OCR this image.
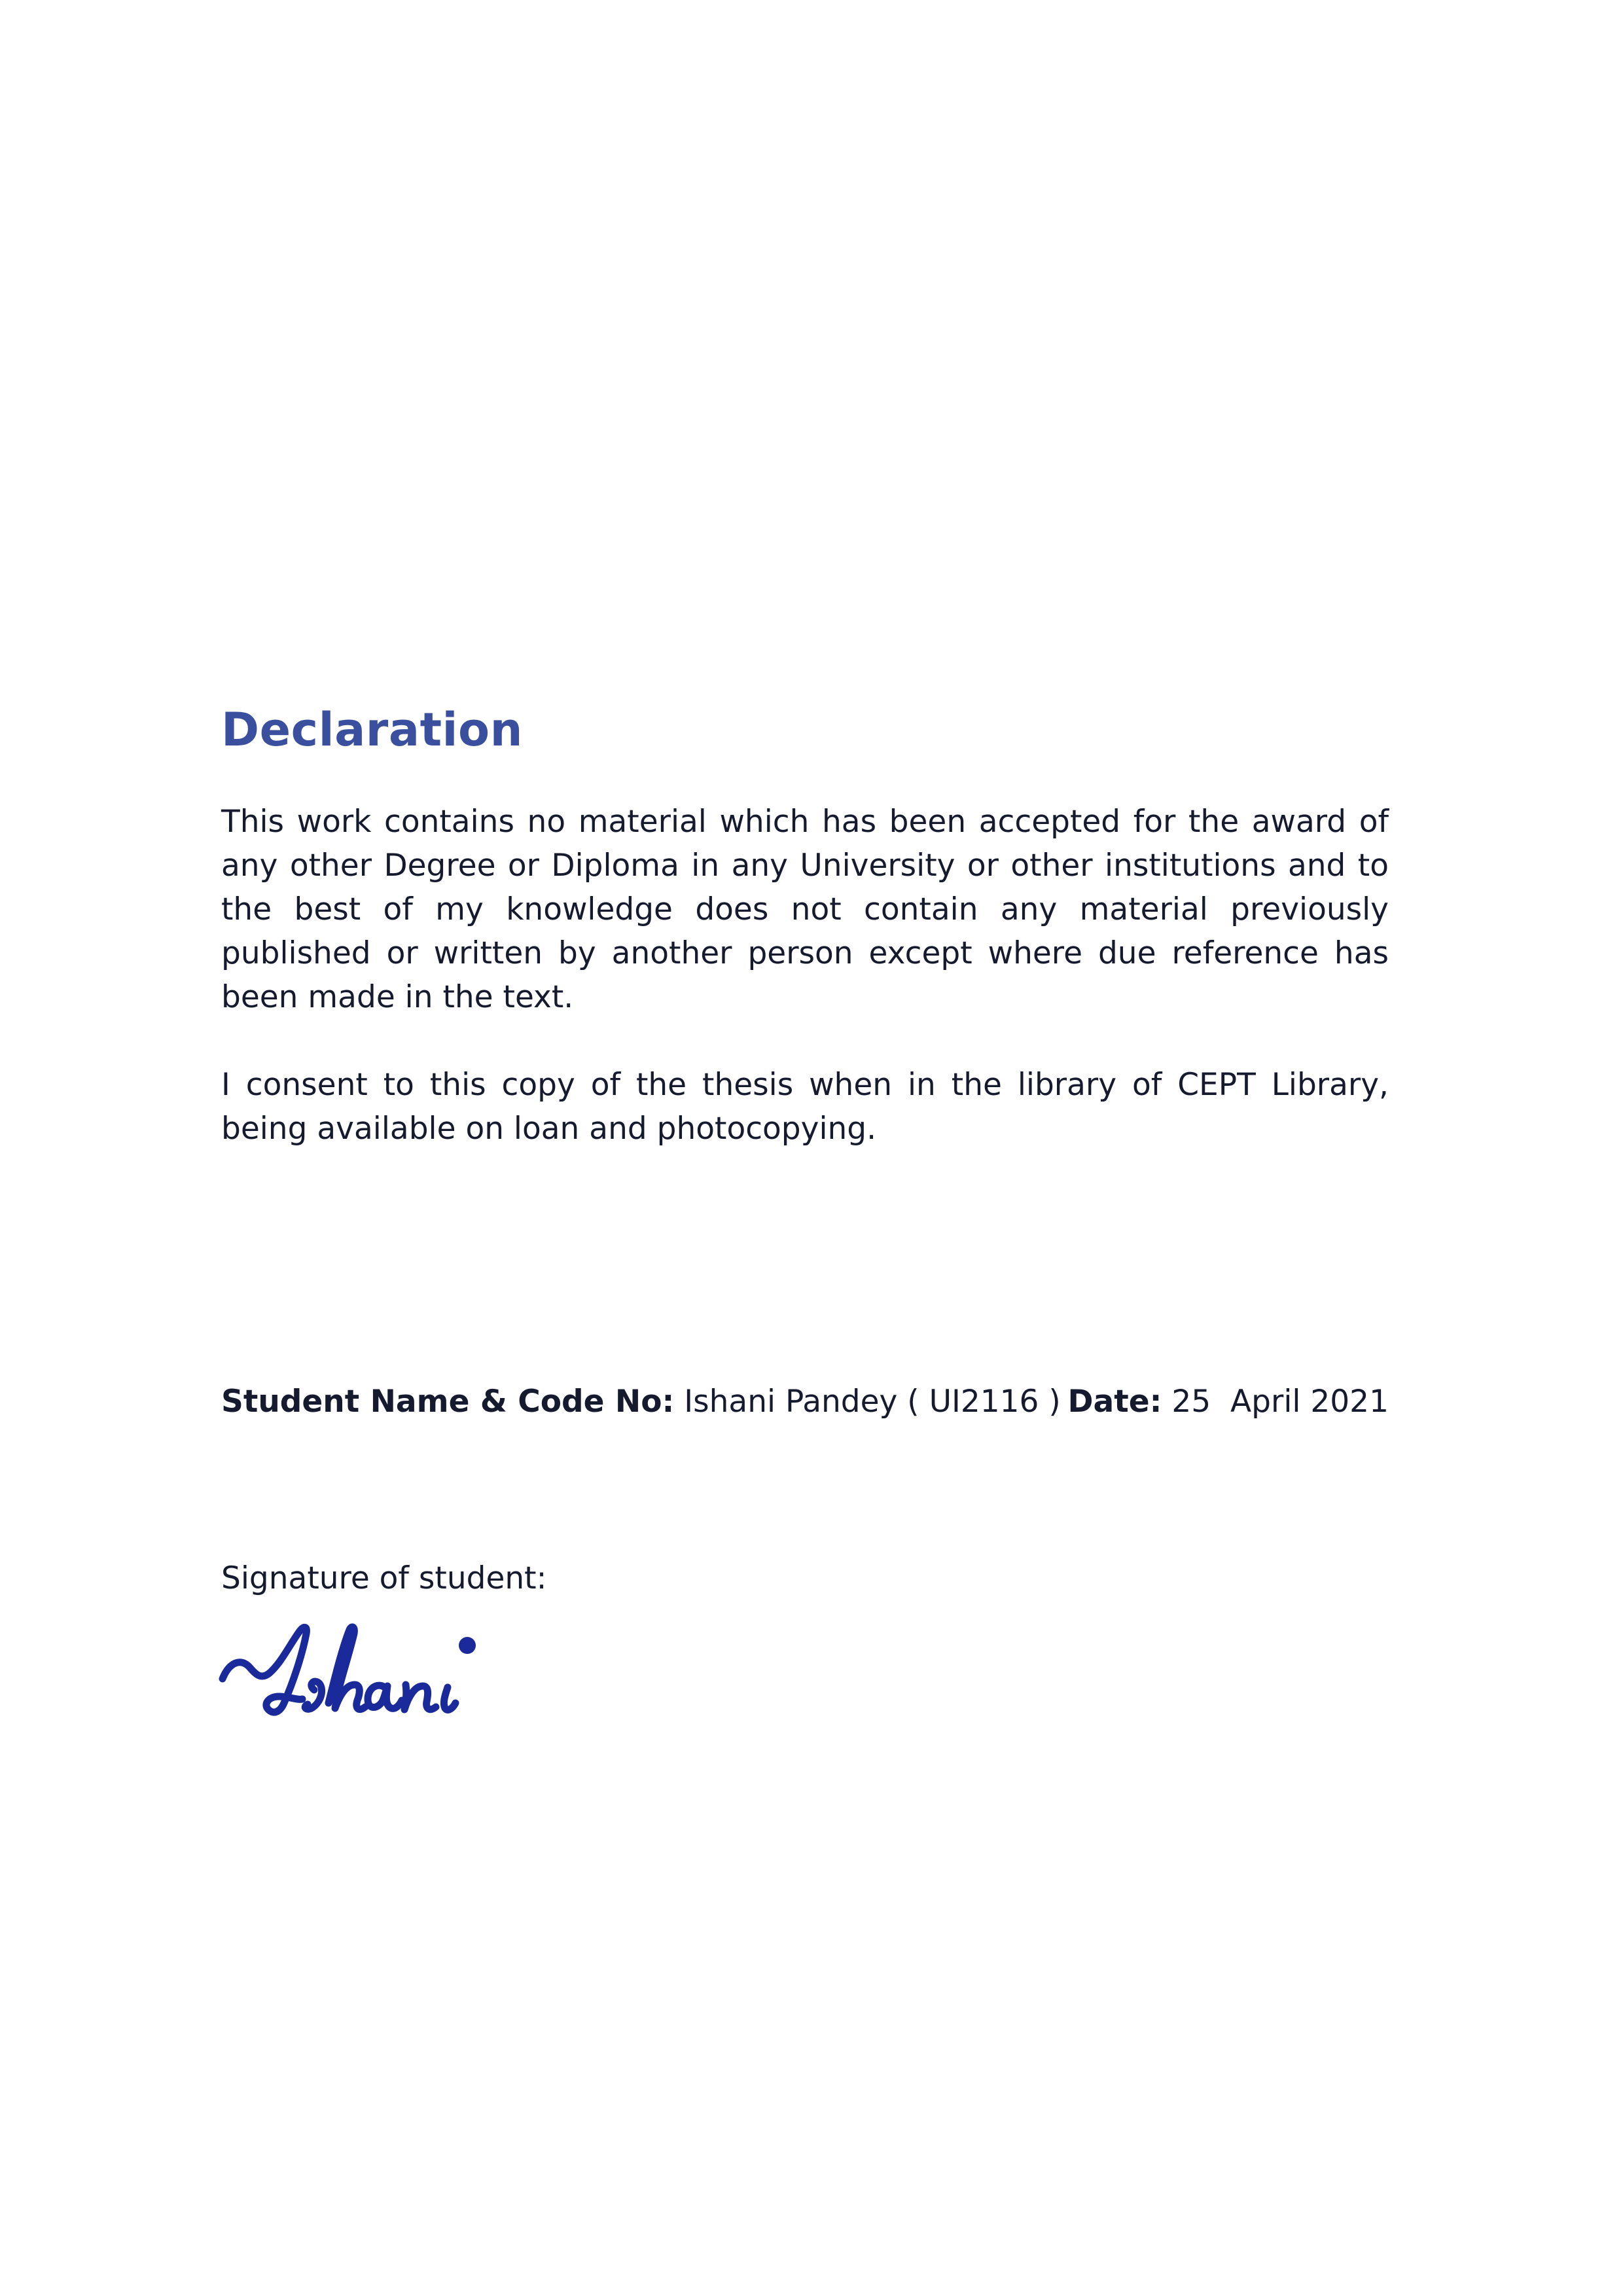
Declaration

This work contains no material which has been accepted for the award of any other Degree or Diploma in any University or other institutions and to the best of my knowledge does not contain any material previously published or written by another person except where due reference has been made in the text.

I consent to this copy of the thesis when in the library of CEPT Library, being available on loan and photocopying.

Student Name & Code No: Ishani Pandey ( UI2116 ) Date: 25  April 2021
Signature of student:
